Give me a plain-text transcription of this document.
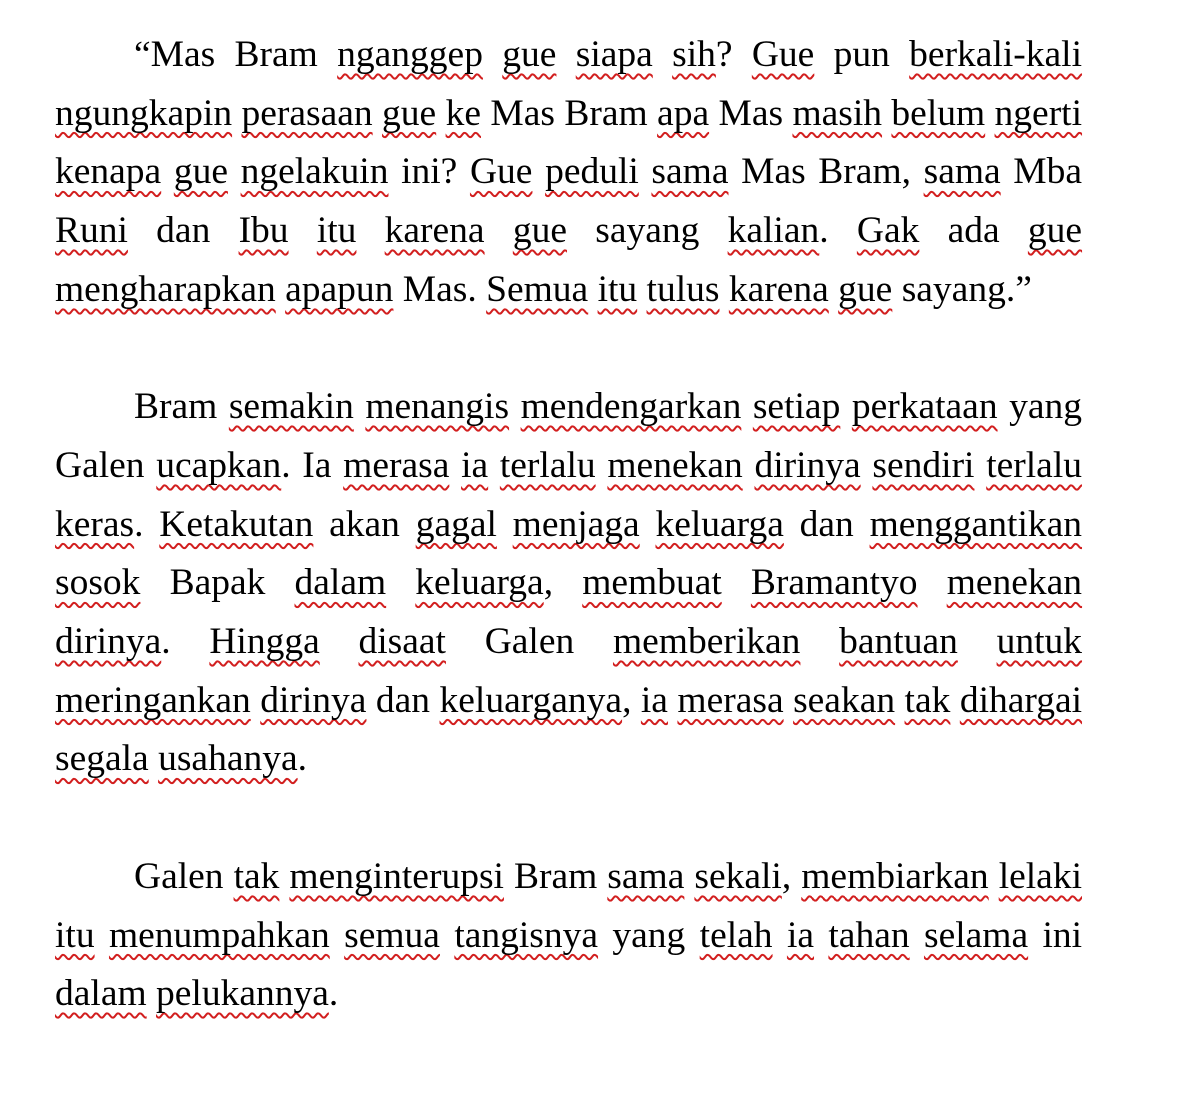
“Mas Bram nganggep gue siapa sih? Gue pun berkali-kali ngungkapin perasaan gue ke Mas Bram apa Mas masih belum ngerti kenapa gue ngelakuin ini? Gue peduli sama Mas Bram, sama Mba Runi dan Ibu itu karena gue sayang kalian. Gak ada gue mengharapkan apapun Mas. Semua itu tulus karena gue sayang.”

Bram semakin menangis mendengarkan setiap perkataan yang Galen ucapkan. Ia merasa ia terlalu menekan dirinya sendiri terlalu keras. Ketakutan akan gagal menjaga keluarga dan menggantikan sosok Bapak dalam keluarga, membuat Bramantyo menekan dirinya. Hingga disaat Galen memberikan bantuan untuk meringankan dirinya dan keluarganya, ia merasa seakan tak dihargai segala usahanya.

Galen tak menginterupsi Bram sama sekali, membiarkan lelaki itu menumpahkan semua tangisnya yang telah ia tahan selama ini dalam pelukannya.
